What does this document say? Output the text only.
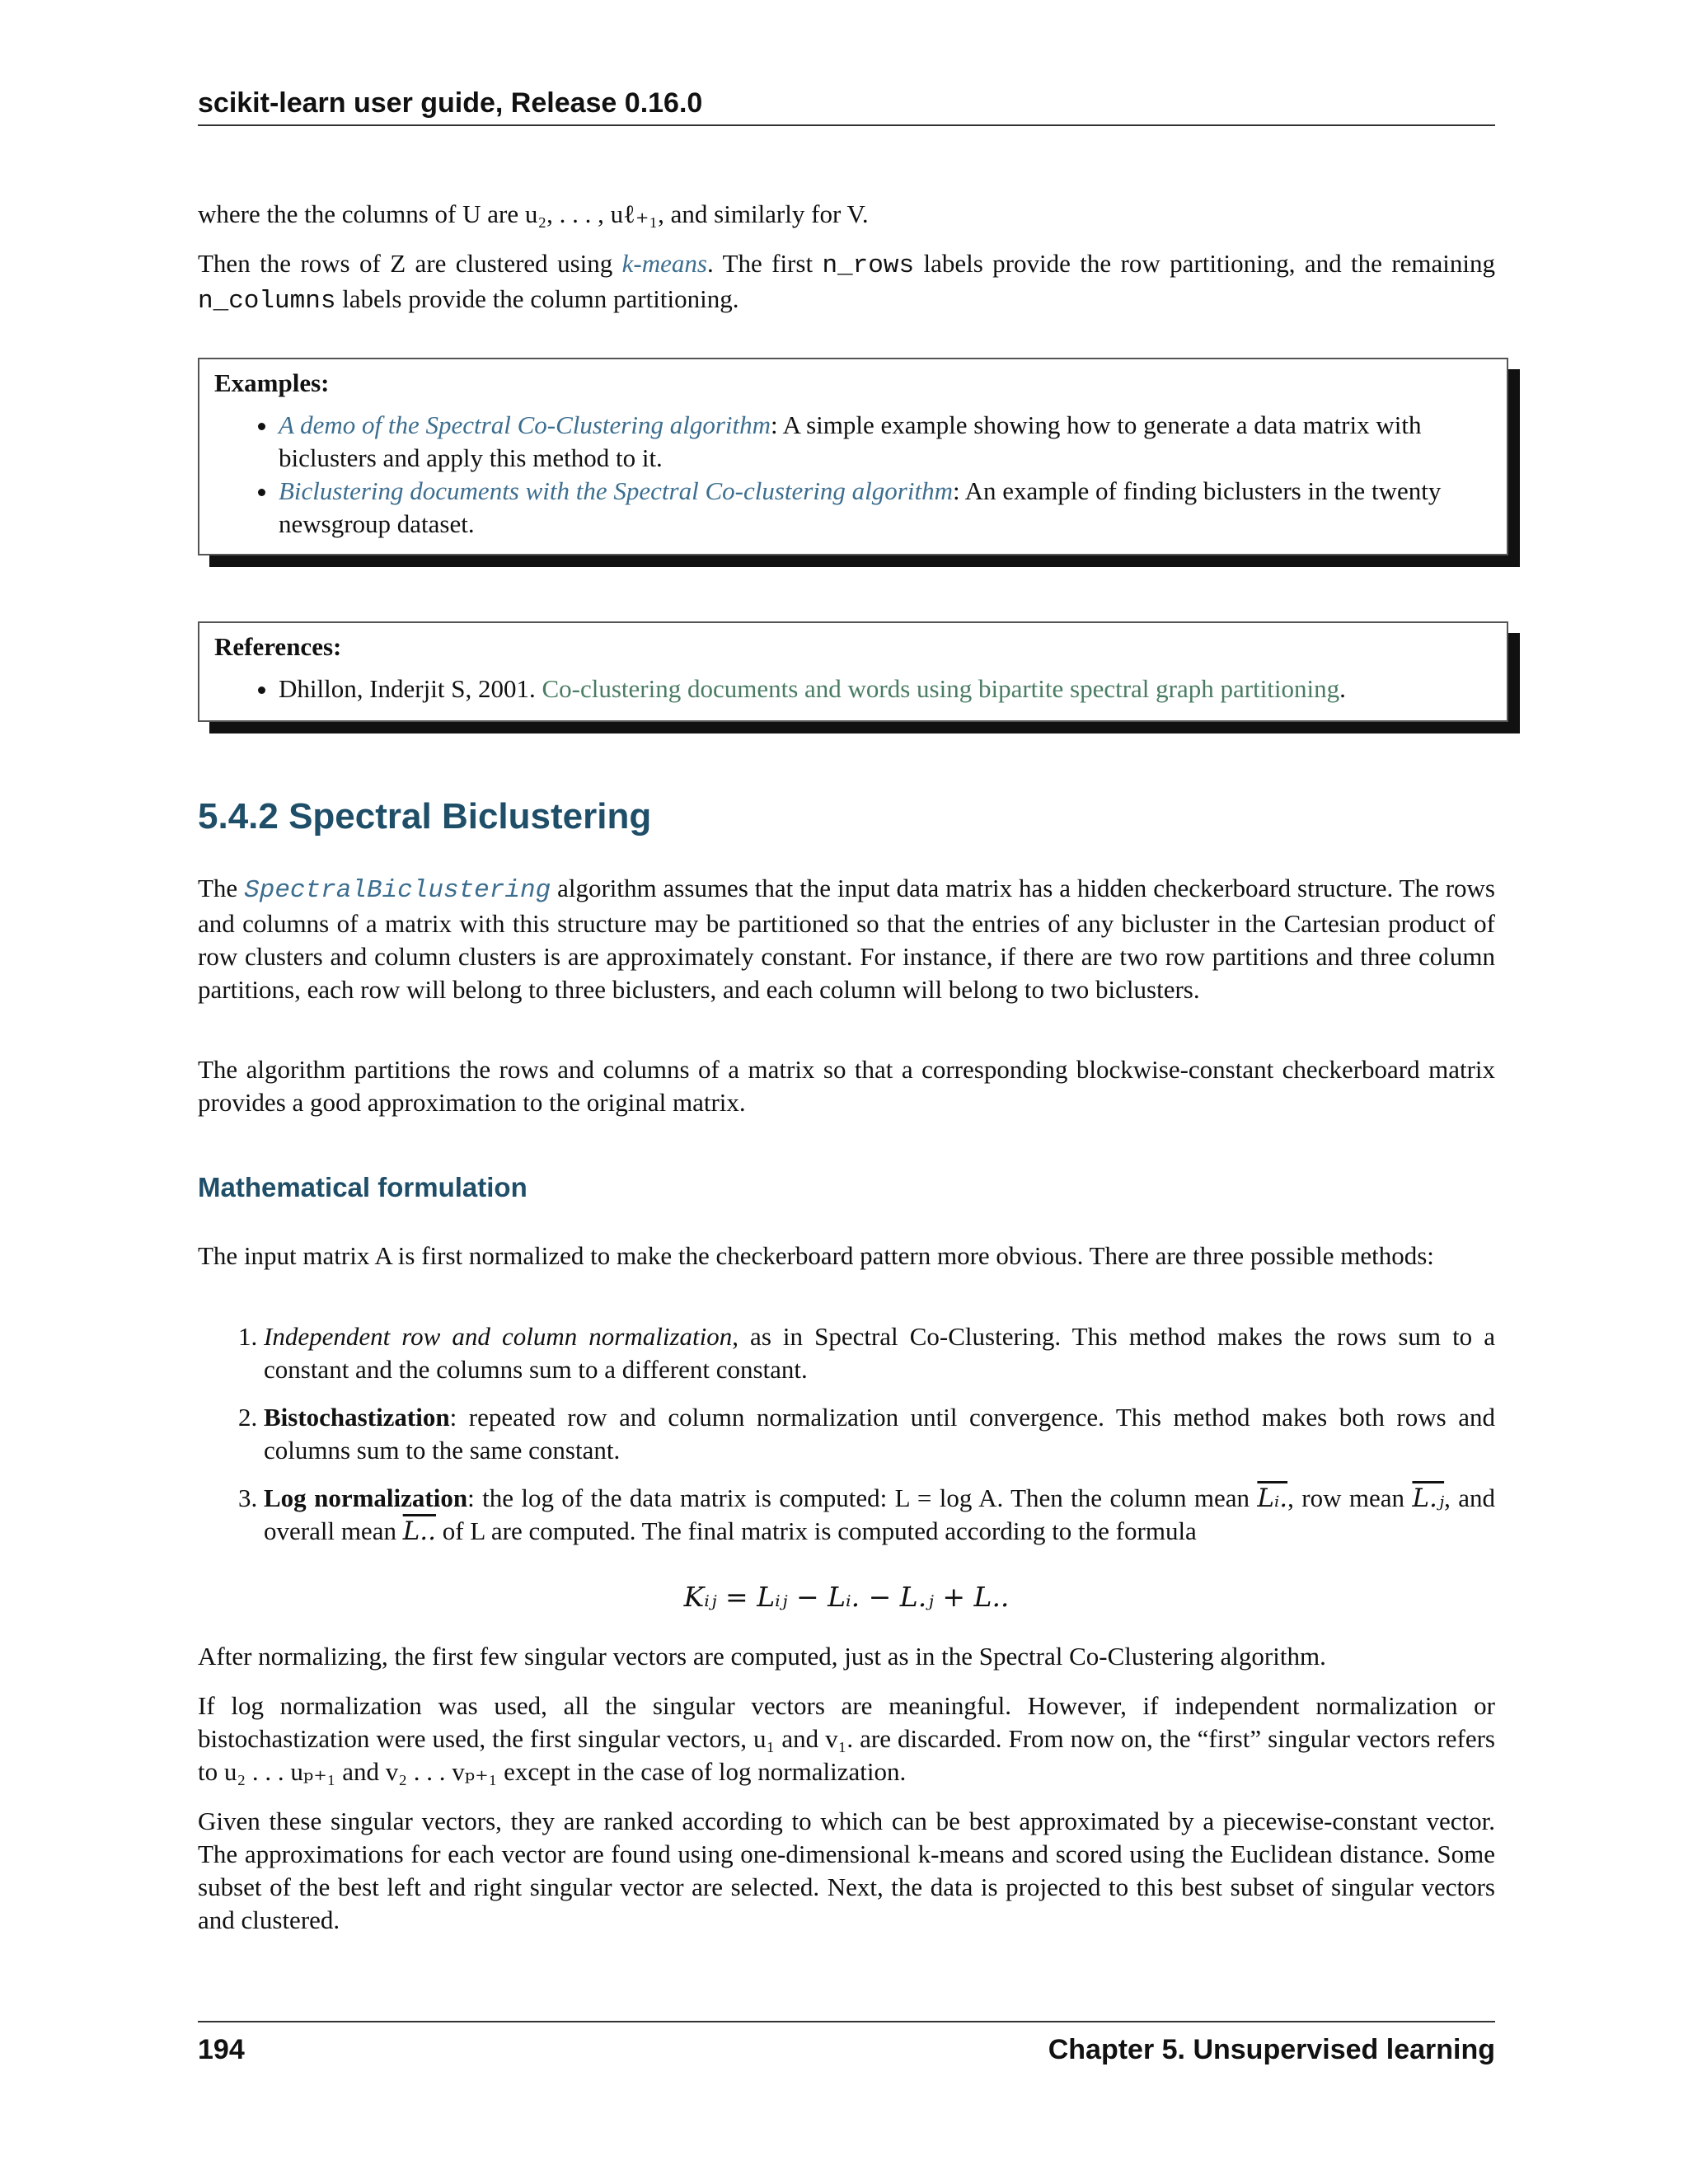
scikit-learn user guide, Release 0.16.0

where the the columns of U are u₂, . . . , uℓ₊₁, and similarly for V.

Then the rows of Z are clustered using k-means. The first n_rows labels provide the row partitioning, and the remaining n_columns labels provide the column partitioning.

Examples:
• A demo of the Spectral Co-Clustering algorithm: A simple example showing how to generate a data matrix with biclusters and apply this method to it.
• Biclustering documents with the Spectral Co-clustering algorithm: An example of finding biclusters in the twenty newsgroup dataset.
References:
• Dhillon, Inderjit S, 2001. Co-clustering documents and words using bipartite spectral graph partitioning.
5.4.2 Spectral Biclustering

The SpectralBiclustering algorithm assumes that the input data matrix has a hidden checkerboard structure. The rows and columns of a matrix with this structure may be partitioned so that the entries of any bicluster in the Cartesian product of row clusters and column clusters is are approximately constant. For instance, if there are two row partitions and three column partitions, each row will belong to three biclusters, and each column will belong to two biclusters.

The algorithm partitions the rows and columns of a matrix so that a corresponding blockwise-constant checkerboard matrix provides a good approximation to the original matrix.

Mathematical formulation

The input matrix A is first normalized to make the checkerboard pattern more obvious. There are three possible methods:

1. Independent row and column normalization, as in Spectral Co-Clustering. This method makes the rows sum to a constant and the columns sum to a different constant.
2. Bistochastization: repeated row and column normalization until convergence. This method makes both rows and columns sum to the same constant.
3. Log normalization: the log of the data matrix is computed: L = log A. Then the column mean Lᵢ., row mean L.ⱼ, and overall mean L.. of L are computed. The final matrix is computed according to the formula
Kᵢⱼ = Lᵢⱼ − Lᵢ. − L.ⱼ + L..

After normalizing, the first few singular vectors are computed, just as in the Spectral Co-Clustering algorithm.

If log normalization was used, all the singular vectors are meaningful. However, if independent normalization or bistochastization were used, the first singular vectors, u₁ and v₁. are discarded. From now on, the “first” singular vectors refers to u₂ . . . uₚ₊₁ and v₂ . . . vₚ₊₁ except in the case of log normalization.

Given these singular vectors, they are ranked according to which can be best approximated by a piecewise-constant vector. The approximations for each vector are found using one-dimensional k-means and scored using the Euclidean distance. Some subset of the best left and right singular vector are selected. Next, the data is projected to this best subset of singular vectors and clustered.

194	Chapter 5. Unsupervised learning
